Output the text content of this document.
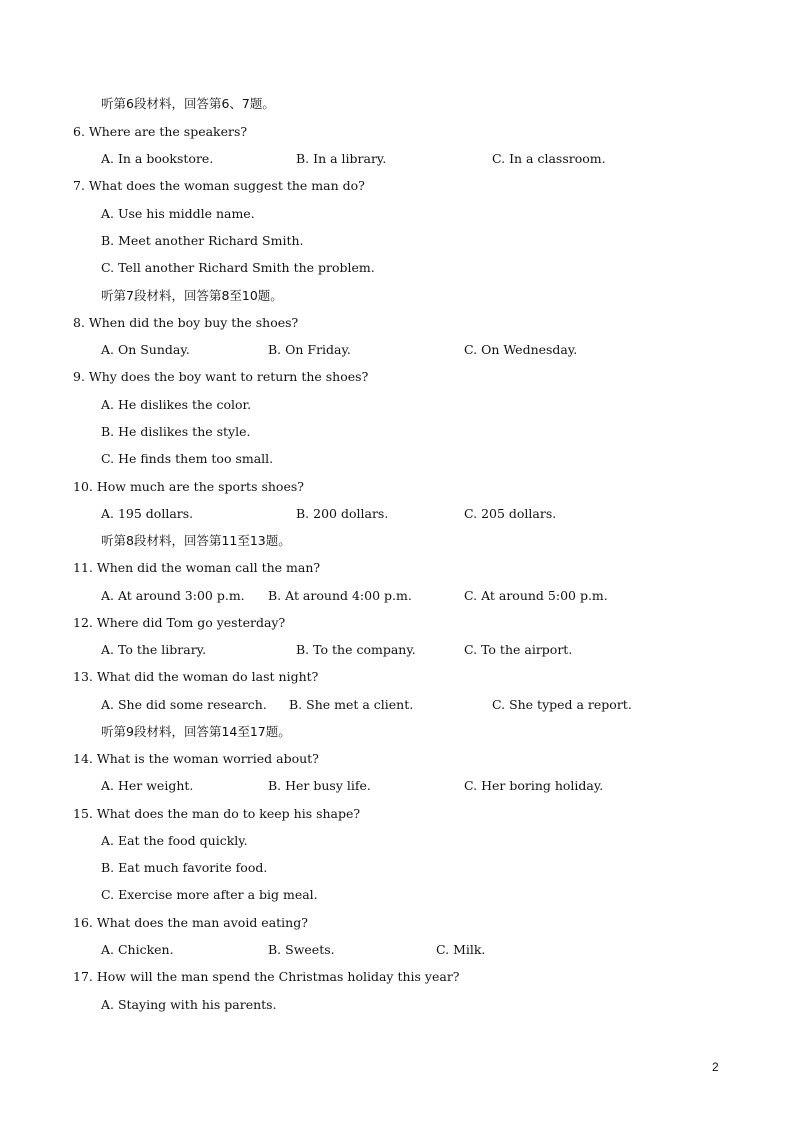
听第6段材料，回答第6、7题。
6. Where are the speakers?
A. In a bookstore.	B. In a library.	C. In a classroom.
7. What does the woman suggest the man do?
A. Use his middle name.
B. Meet another Richard Smith.
C. Tell another Richard Smith the problem.
听第7段材料，回答第8至10题。
8. When did the boy buy the shoes?
A. On Sunday.	B. On Friday.	C. On Wednesday.
9. Why does the boy want to return the shoes?
A. He dislikes the color.
B. He dislikes the style.
C. He finds them too small.
10. How much are the sports shoes?
A. 195 dollars.	B. 200 dollars.	C. 205 dollars.
听第8段材料，回答第11至13题。
11. When did the woman call the man?
A. At around 3:00 p.m. B. At around 4:00 p.m.	C. At around 5:00 p.m.
12. Where did Tom go yesterday?
A. To the library.	B. To the company.	C. To the airport.
13. What did the woman do last night?
A. She did some research. B. She met a client.	C. She typed a report.
听第9段材料，回答第14至17题。
14. What is the woman worried about?
A. Her weight.	B. Her busy life.	C. Her boring holiday.
15. What does the man do to keep his shape?
A. Eat the food quickly.
B. Eat much favorite food.
C. Exercise more after a big meal.
16. What does the man avoid eating?
A. Chicken.	B. Sweets.	C. Milk.
17. How will the man spend the Christmas holiday this year?
A. Staying with his parents.
2
